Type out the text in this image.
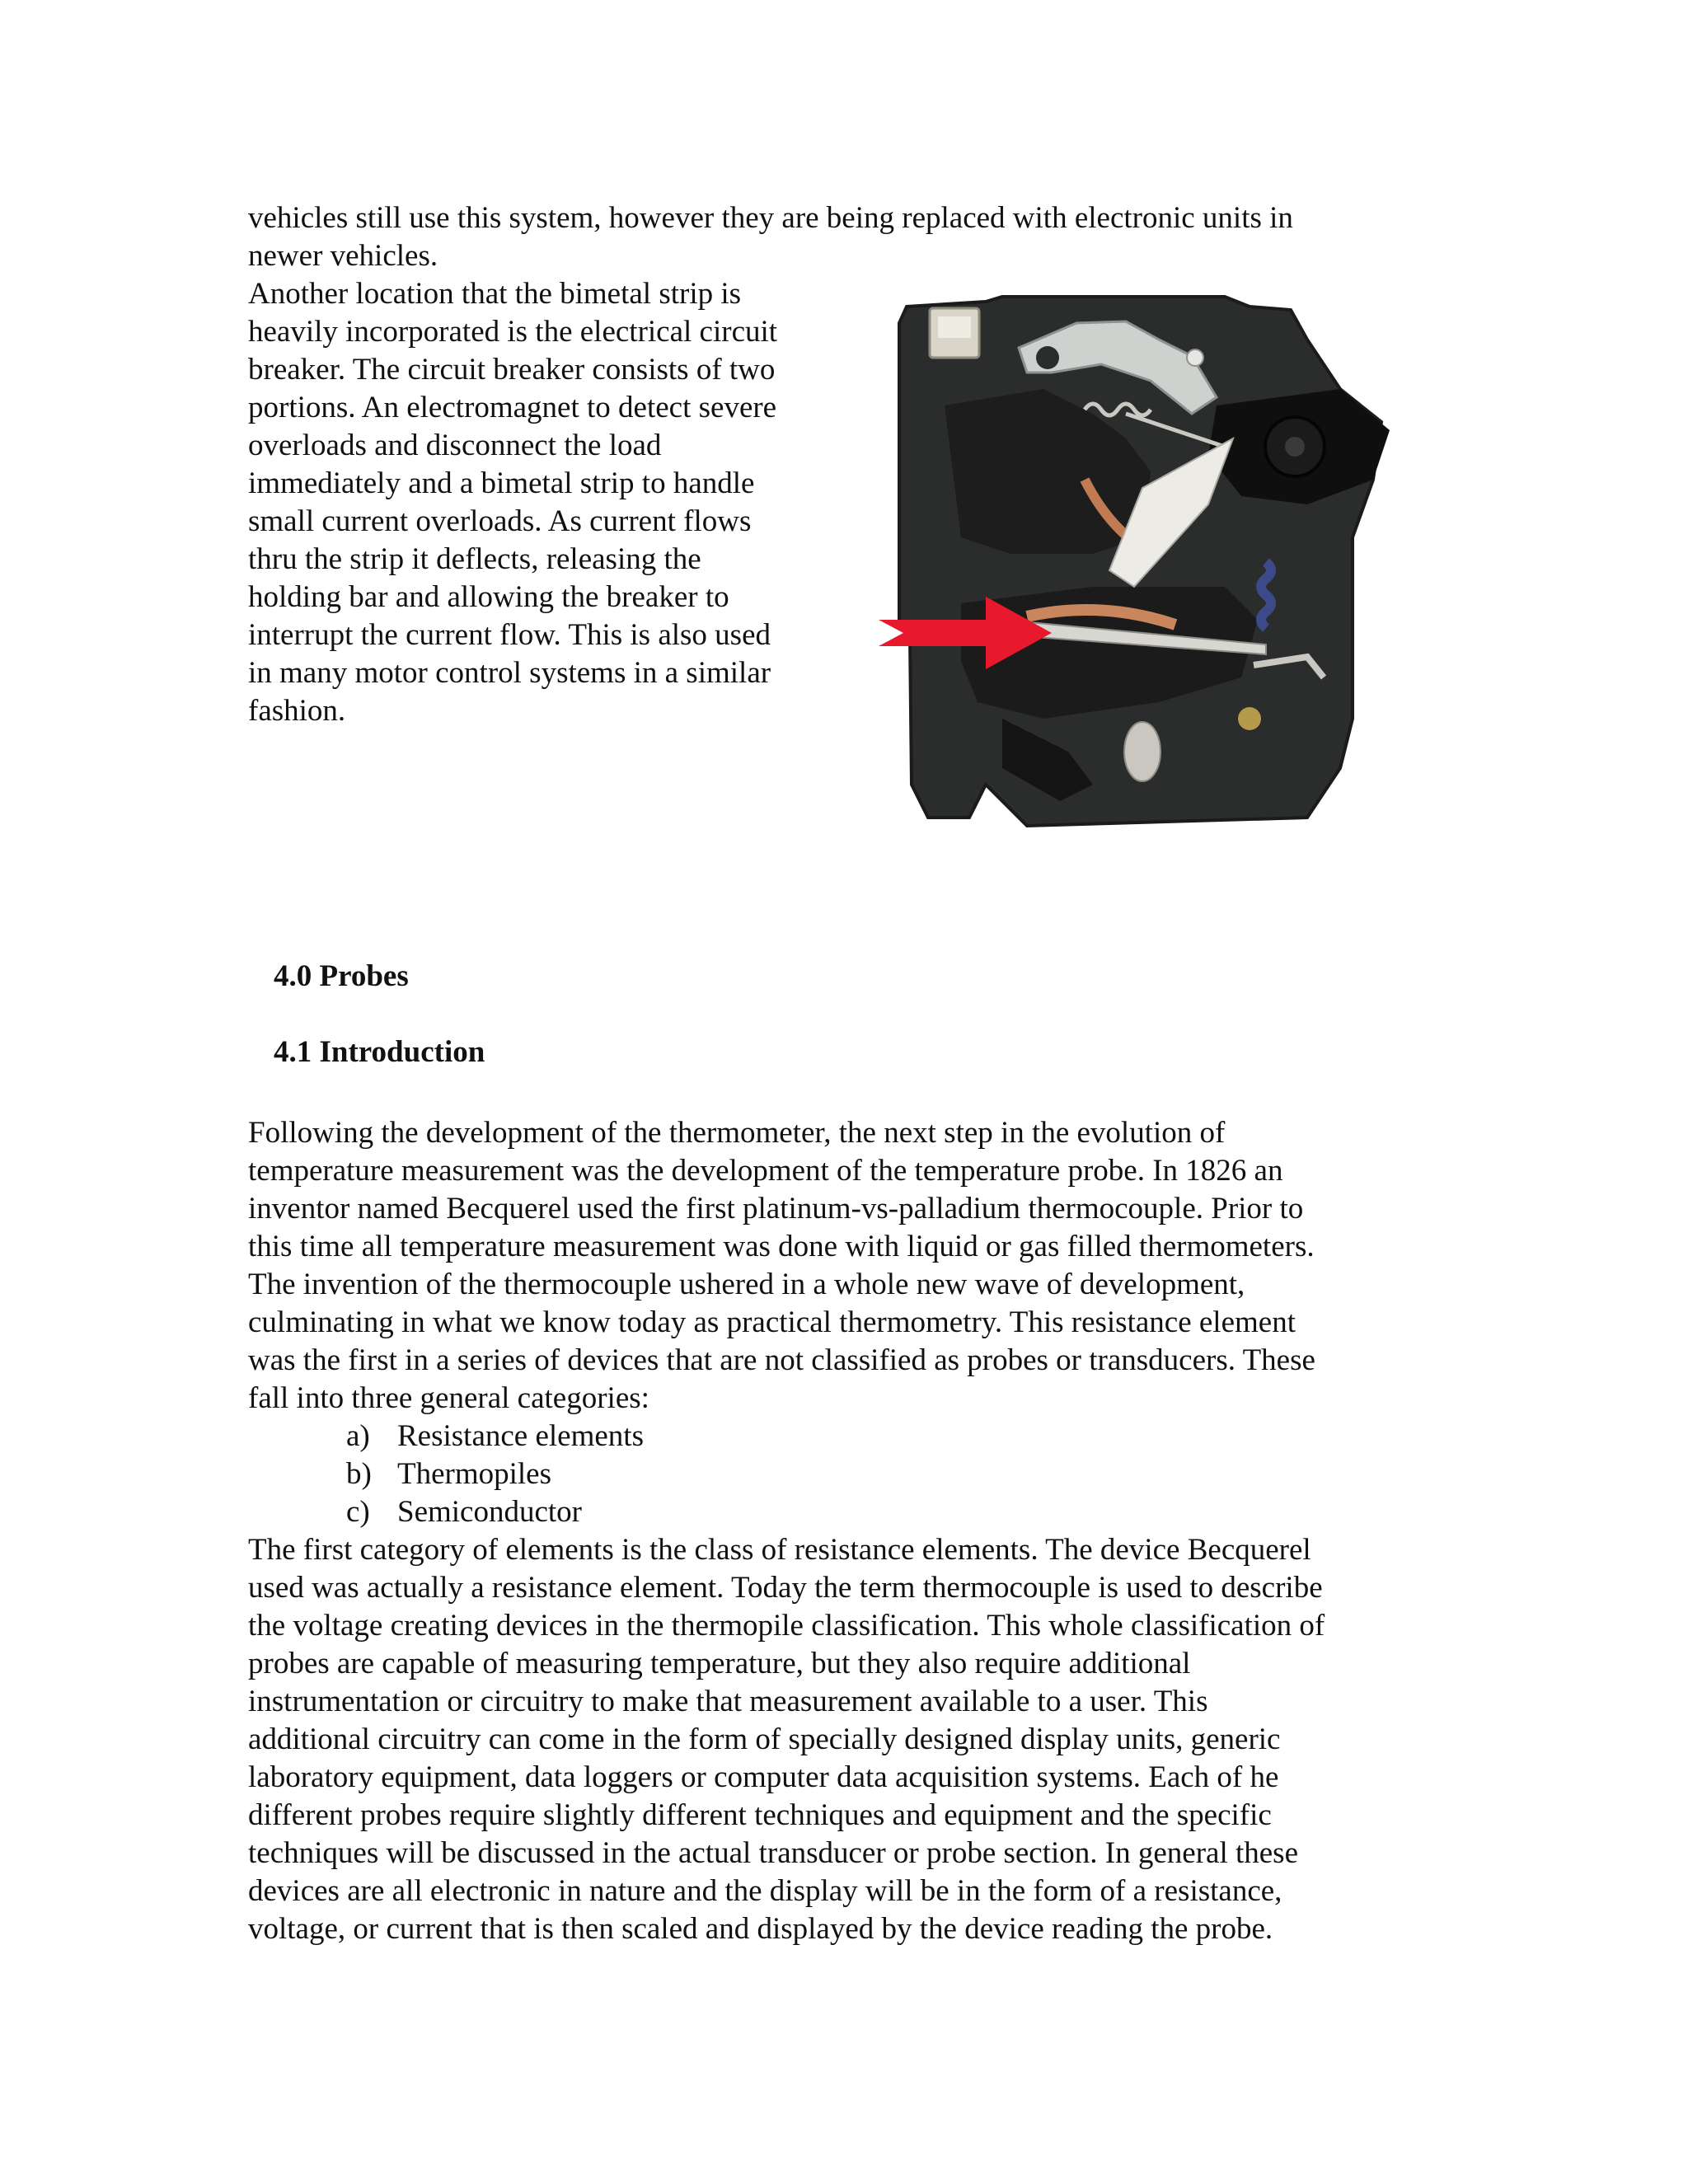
vehicles still use this system, however they are being replaced with electronic units in
newer vehicles.
Another location that the bimetal strip is
heavily incorporated is the electrical circuit
breaker. The circuit breaker consists of two
portions. An electromagnet to detect severe
overloads and disconnect the load
immediately and a bimetal strip to handle
small current overloads. As current flows
thru the strip it deflects, releasing the
holding bar and allowing the breaker to
interrupt the current flow. This is also used
in many motor control systems in a similar
fashion.
4.0 Probes
4.1 Introduction
Following the development of the thermometer, the next step in the evolution of
temperature measurement was the development of the temperature probe. In 1826 an
inventor named Becquerel used the first platinum-vs-palladium thermocouple. Prior to
this time all temperature measurement was done with liquid or gas filled thermometers.
The invention of the thermocouple ushered in a whole new wave of development,
culminating in what we know today as practical thermometry. This resistance element
was the first in a series of devices that are not classified as probes or transducers. These
fall into three general categories:
a) Resistance elements
b) Thermopiles
c) Semiconductor
The first category of elements is the class of resistance elements. The device Becquerel
used was actually a resistance element. Today the term thermocouple is used to describe
the voltage creating devices in the thermopile classification. This whole classification of
probes are capable of measuring temperature, but they also require additional
instrumentation or circuitry to make that measurement available to a user. This
additional circuitry can come in the form of specially designed display units, generic
laboratory equipment, data loggers or computer data acquisition systems. Each of he
different probes require slightly different techniques and equipment and the specific
techniques will be discussed in the actual transducer or probe section. In general these
devices are all electronic in nature and the display will be in the form of a resistance,
voltage, or current that is then scaled and displayed by the device reading the probe.
